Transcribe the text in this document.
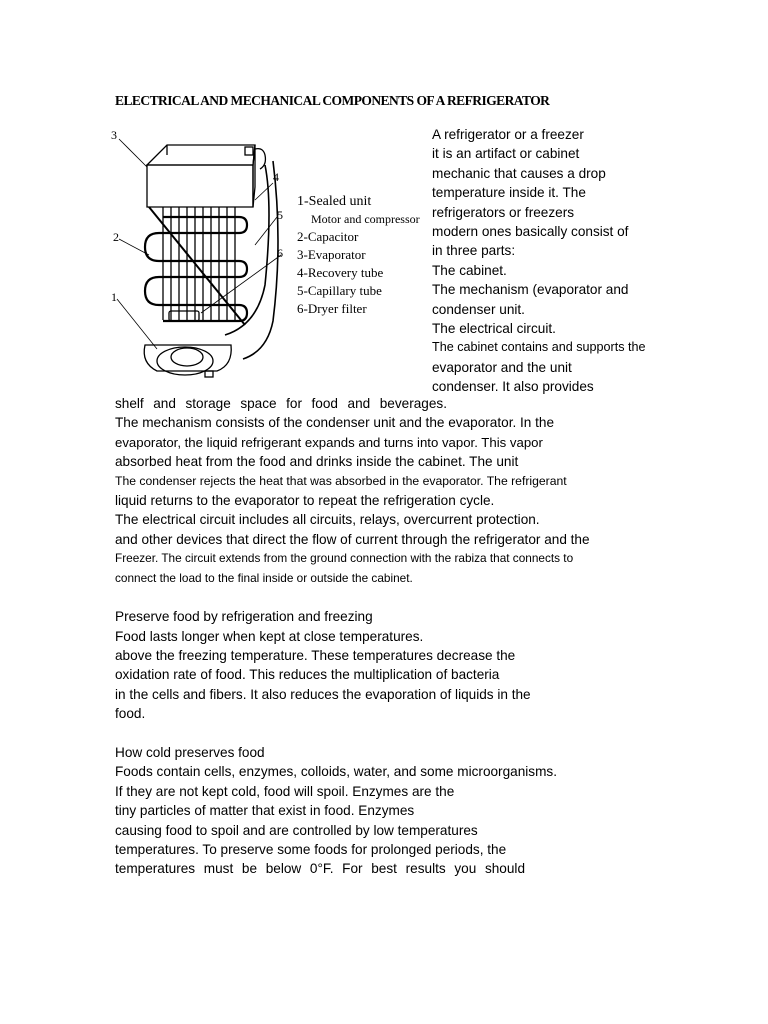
ELECTRICAL AND MECHANICAL COMPONENTS OF A REFRIGERATOR
3
4
5
2
6
1
1-Sealed unit
Motor and compressor
2-Capacitor
3-Evaporator
4-Recovery tube
5-Capillary tube
6-Dryer filter
A refrigerator or a freezer
it is an artifact or cabinet
mechanic that causes a drop
temperature inside it. The
refrigerators or freezers
modern ones basically consist of
in three parts:
The cabinet.
The mechanism (evaporator and
condenser unit.
The electrical circuit.
The cabinet contains and supports the
evaporator and the unit
condenser. It also provides
shelf and storage space for food and beverages.
The mechanism consists of the condenser unit and the evaporator. In the
evaporator, the liquid refrigerant expands and turns into vapor. This vapor
absorbed heat from the food and drinks inside the cabinet. The unit
The condenser rejects the heat that was absorbed in the evaporator. The refrigerant
liquid returns to the evaporator to repeat the refrigeration cycle.
The electrical circuit includes all circuits, relays, overcurrent protection.
and other devices that direct the flow of current through the refrigerator and the
Freezer. The circuit extends from the ground connection with the rabiza that connects to
connect the load to the final inside or outside the cabinet.
Preserve food by refrigeration and freezing
Food lasts longer when kept at close temperatures.
above the freezing temperature. These temperatures decrease the
oxidation rate of food. This reduces the multiplication of bacteria
in the cells and fibers. It also reduces the evaporation of liquids in the
food.
How cold preserves food
Foods contain cells, enzymes, colloids, water, and some microorganisms.
If they are not kept cold, food will spoil. Enzymes are the
tiny particles of matter that exist in food. Enzymes
causing food to spoil and are controlled by low temperatures
temperatures. To preserve some foods for prolonged periods, the
temperatures must be below 0°F. For best results you should
